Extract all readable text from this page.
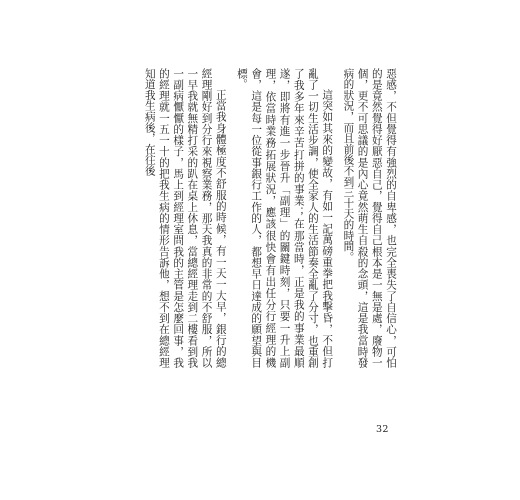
惡感，不但覺得有強烈的自卑感，也完全喪失了自信心，可怕的是竟然覺得好厭惡自己，覺得自己根本是一無是處，廢物一個，更不可思議的是內心竟然萌生自殺的念頭，這是我當時發病的狀況，而且前後不到三十天的時間。

這突如其來的變故，有如一記萬磅重拳把我擊昏，不但打亂了一切生活步調，使全家人的生活節奏全亂了分寸，也重創了我多年來辛苦打拼的事業；在那當時，正是我的事業最順遂，即將有進一步晉升「副理」的關鍵時刻，只要一升上副理，依當時業務拓展狀況，應該很快會有出任分行經理的機會，這是每一位從事銀行工作的人，都想早日達成的願望與目標。

正當我身體極度不舒服的時候，有一天一大早，銀行的總經理剛好到分行來視察業務，那天我真的非常的不舒服，所以一早我就無精打采的趴在桌上休息，當總經理走到二樓看到我一副病懨懨的樣子，馬上到經理室問我的主管是怎麼回事，我的經理就一五一十的把我生病的情形告訴他，想不到在總經理知道我生病後，在往後

32
